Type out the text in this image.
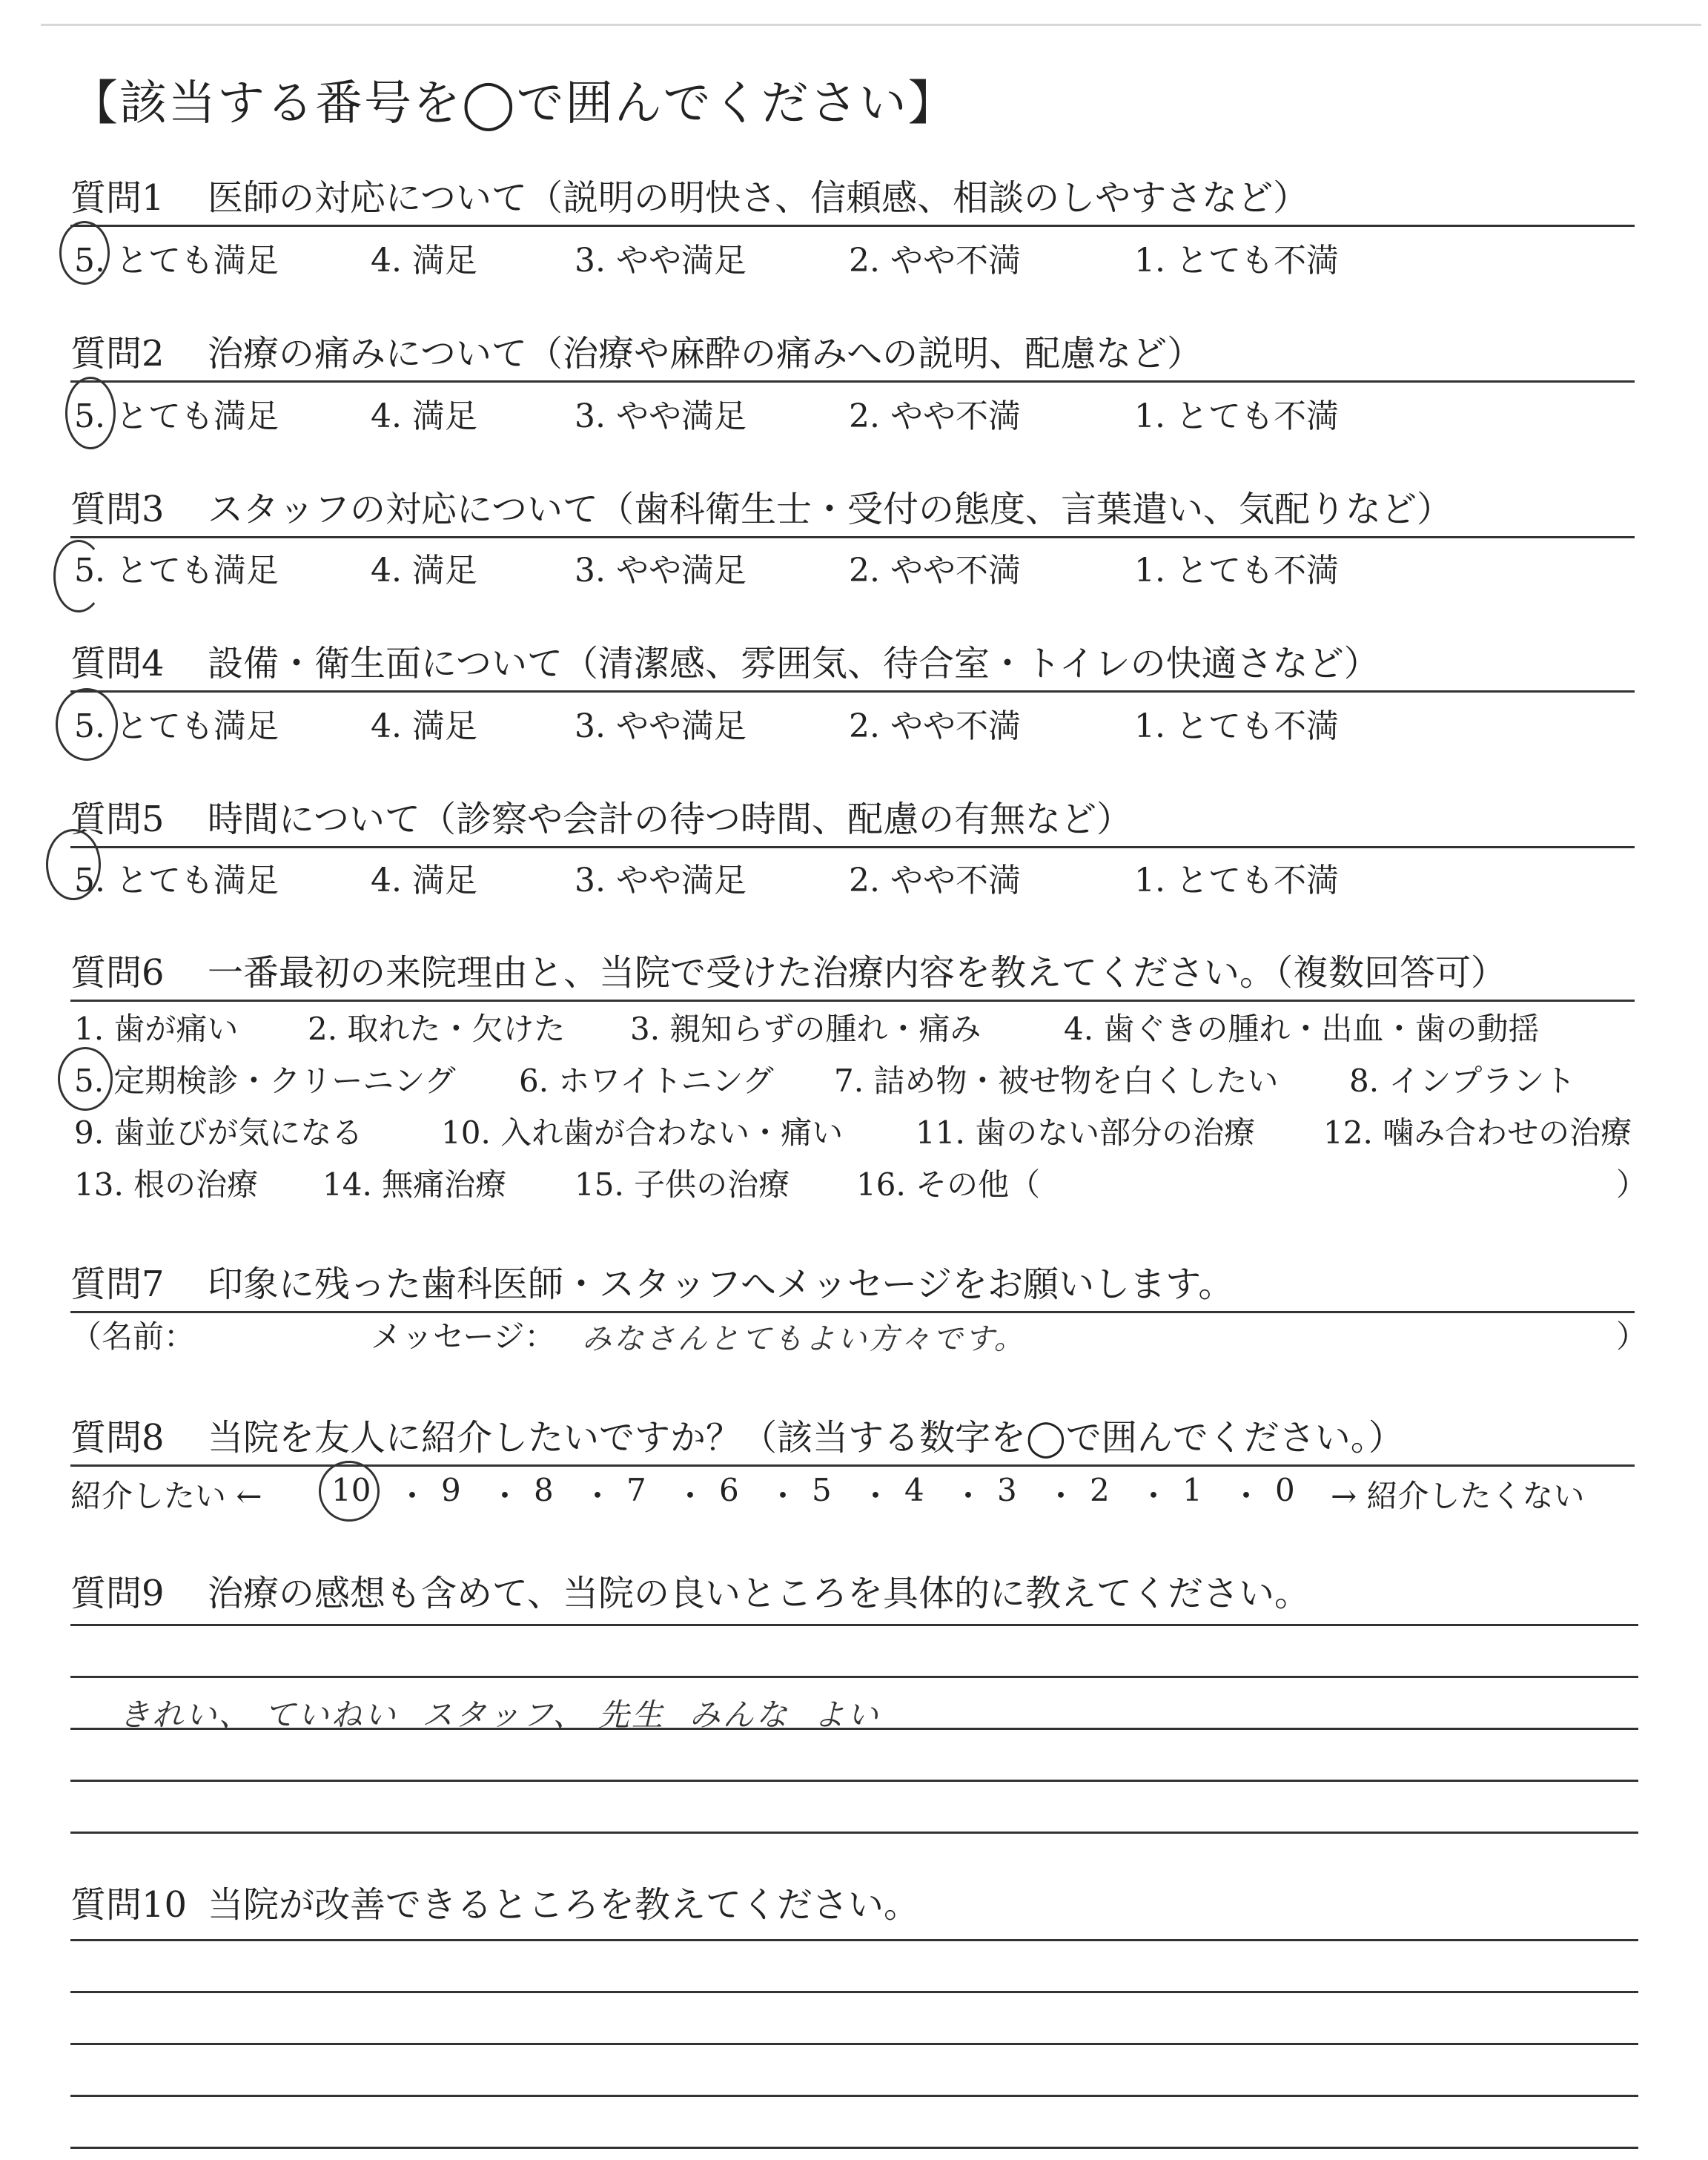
【該当する番号を◯で囲んでください】
質問1 医師の対応について（説明の明快さ、信頼感、相談のしやすさなど）
5. とても満足	4. 満足	3. やや満足	2. やや不満	1. とても不満
質問2 治療の痛みについて（治療や麻酔の痛みへの説明、配慮など）
5. とても満足	4. 満足	3. やや満足	2. やや不満	1. とても不満
質問3 スタッフの対応について（歯科衛生士・受付の態度、言葉遣い、気配りなど）
5. とても満足	4. 満足	3. やや満足	2. やや不満	1. とても不満
質問4 設備・衛生面について（清潔感、雰囲気、待合室・トイレの快適さなど）
5. とても満足	4. 満足	3. やや満足	2. やや不満	1. とても不満
質問5 時間について（診察や会計の待つ時間、配慮の有無など）
5. とても満足	4. 満足	3. やや満足	2. やや不満	1. とても不満
質問6 一番最初の来院理由と、当院で受けた治療内容を教えてください。（複数回答可）
1. 歯が痛い 2. 取れた・欠けた 3. 親知らずの腫れ・痛み	4. 歯ぐきの腫れ・出血・歯の動揺
5. 定期検診・クリーニング 6. ホワイトニング 7. 詰め物・被せ物を白くしたい 8. インプラント
9. 歯並びが気になる	10. 入れ歯が合わない・痛い 11. 歯のない部分の治療 12. 噛み合わせの治療
13. 根の治療 14. 無痛治療 15. 子供の治療 16. その他（	）
質問7 印象に残った歯科医師・スタッフへメッセージをお願いします。
（名前：	メッセージ： みなさんとてもよい方々です。	）
質問8 当院を友人に紹介したいですか？（該当する数字を◯で囲んでください。）
紹介したい ← 10 ・ 9 ・ 8 ・ 7 ・ 6 ・ 5 ・ 4 ・ 3 ・ 2 ・ 1 ・ 0 → 紹介したくない
質問9 治療の感想も含めて、当院の良いところを具体的に教えてください。
きれい、 ていねい  スタッフ、 先生  みんな  よい
質問10 当院が改善できるところを教えてください。
